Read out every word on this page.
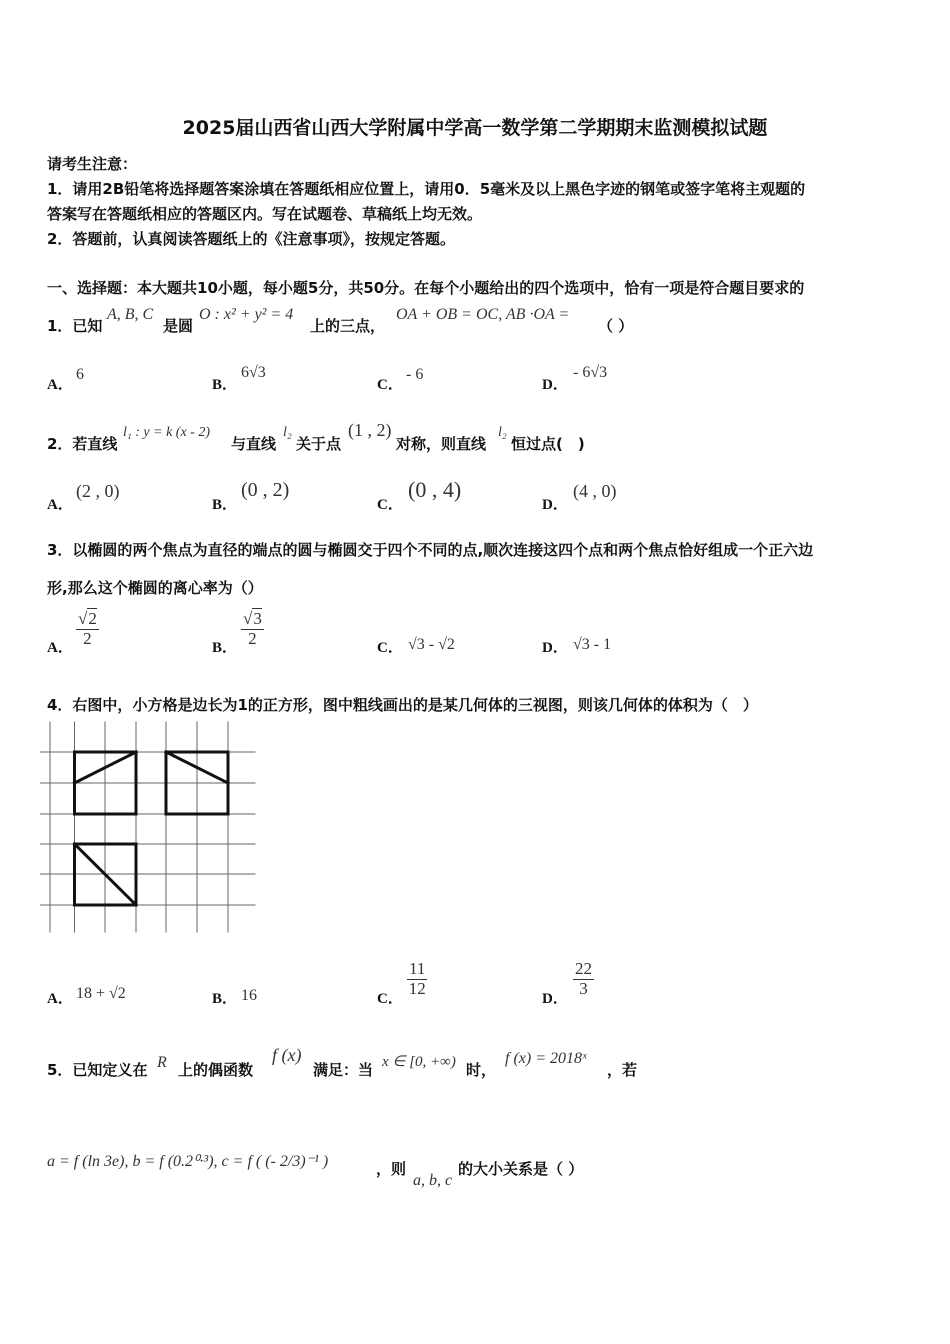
2025届山西省山西大学附属中学高一数学第二学期期末监测模拟试题
请考生注意：
1．请用2B铅笔将选择题答案涂填在答题纸相应位置上，请用0．5毫米及以上黑色字迹的钢笔或签字笔将主观题的
答案写在答题纸相应的答题区内。写在试题卷、草稿纸上均无效。
2．答题前，认真阅读答题纸上的《注意事项》，按规定答题。
一、选择题：本大题共10小题，每小题5分，共50分。在每个小题给出的四个选项中，恰有一项是符合题目要求的
1．已知
A, B, C
是圆
O : x² + y² = 4
上的三点，
OA + OB = OC, AB ·OA =
（ ）
A．
6
B．
6√3
C．
- 6
D．
- 6√3
2．若直线
l₁ : y = k (x - 2)
与直线
l₂
关于点
(1 , 2)
对称，则直线
l₂
恒过点(　)
A．
(2 , 0)
B．
(0 , 2)
C．
(0 , 4)
D．
(4 , 0)
3．以椭圆的两个焦点为直径的端点的圆与椭圆交于四个不同的点,顺次连接这四个点和两个焦点恰好组成一个正六边
形,那么这个椭圆的离心率为（）
A． $\frac{√2}{2}$	B． $\frac{√3}{2}$	C． √3 - √2	D． √3 - 1
4．右图中，小方格是边长为1的正方形，图中粗线画出的是某几何体的三视图，则该几何体的体积为（　）
A． 18 + √2	B． 16	C．
$\frac{11}{12}$
D．
$\frac{22}{3}$
5．已知定义在 R 上的偶函数
f (x)
满足：当 x ∈ [0, +∞) 时，
f (x) = 2018ˣ
，若
a = f (ln 3e), b = f (0.2⁰·³), c = f ( (- 2/3)⁻¹ )	，则
a, b, c
的大小关系是（ ）
